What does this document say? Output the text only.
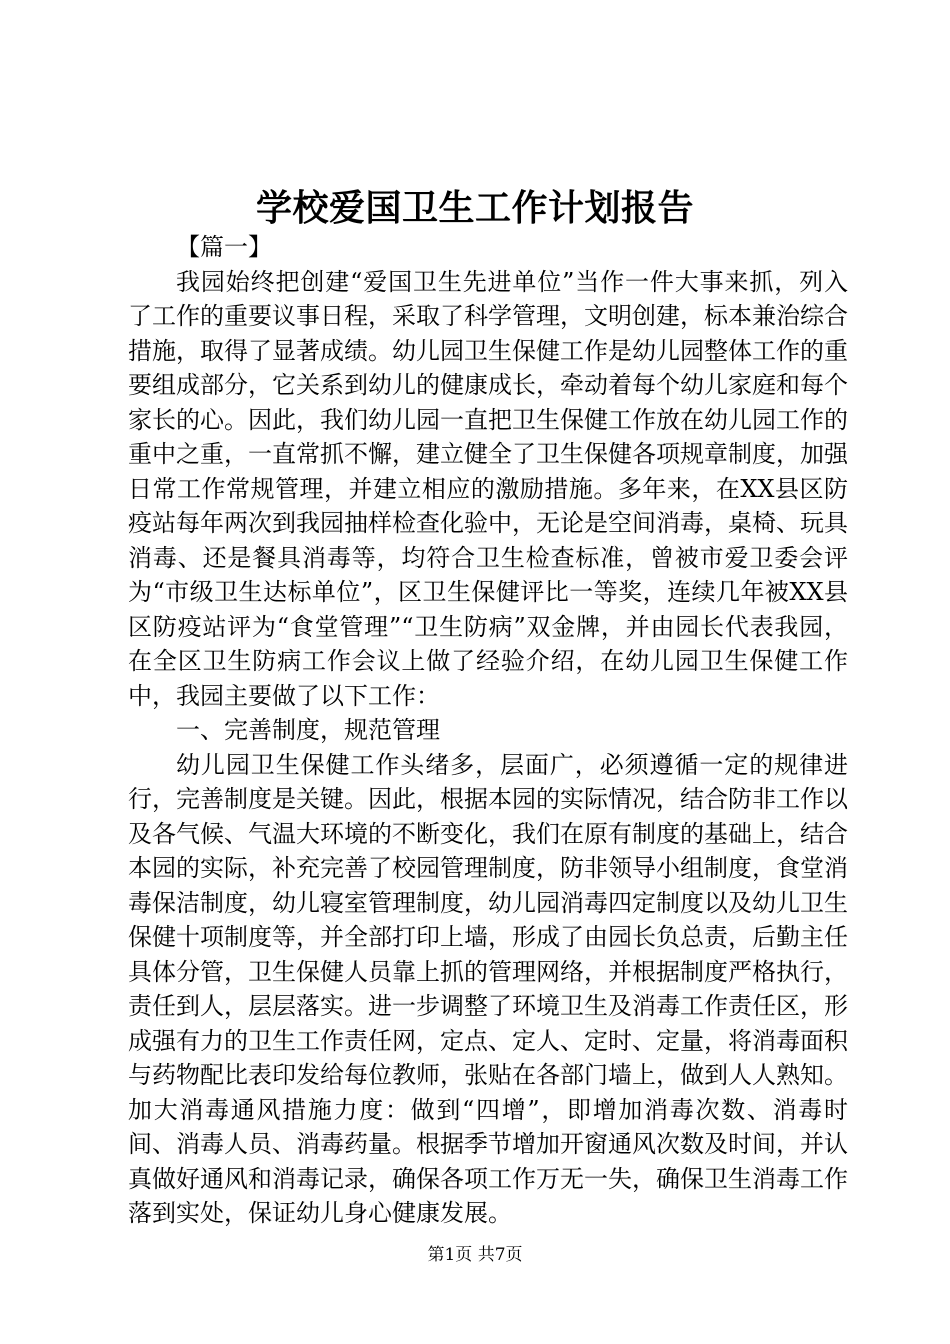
学校爱国卫生工作计划报告

【篇一】

我园始终把创建“爱国卫生先进单位”当作一件大事来抓，列入了工作的重要议事日程，采取了科学管理，文明创建，标本兼治综合措施，取得了显著成绩。幼儿园卫生保健工作是幼儿园整体工作的重要组成部分，它关系到幼儿的健康成长，牵动着每个幼儿家庭和每个家长的心。因此，我们幼儿园一直把卫生保健工作放在幼儿园工作的重中之重，一直常抓不懈，建立健全了卫生保健各项规章制度，加强日常工作常规管理，并建立相应的激励措施。多年来，在XX县区防疫站每年两次到我园抽样检查化验中，无论是空间消毒，桌椅、玩具消毒、还是餐具消毒等，均符合卫生检查标准，曾被市爱卫委会评为“市级卫生达标单位”，区卫生保健评比一等奖，连续几年被XX县区防疫站评为“食堂管理”“卫生防病”双金牌，并由园长代表我园，在全区卫生防病工作会议上做了经验介绍，在幼儿园卫生保健工作中，我园主要做了以下工作：

一、完善制度，规范管理

幼儿园卫生保健工作头绪多，层面广，必须遵循一定的规律进行，完善制度是关键。因此，根据本园的实际情况，结合防非工作以及各气候、气温大环境的不断变化，我们在原有制度的基础上，结合本园的实际，补充完善了校园管理制度，防非领导小组制度，食堂消毒保洁制度，幼儿寝室管理制度，幼儿园消毒四定制度以及幼儿卫生保健十项制度等，并全部打印上墙，形成了由园长负总责，后勤主任具体分管，卫生保健人员靠上抓的管理网络，并根据制度严格执行，责任到人，层层落实。进一步调整了环境卫生及消毒工作责任区，形成强有力的卫生工作责任网，定点、定人、定时、定量，将消毒面积与药物配比表印发给每位教师，张贴在各部门墙上，做到人人熟知。加大消毒通风措施力度：做到“四增”，即增加消毒次数、消毒时间、消毒人员、消毒药量。根据季节增加开窗通风次数及时间，并认真做好通风和消毒记录，确保各项工作万无一失，确保卫生消毒工作落到实处，保证幼儿身心健康发展。

第1页 共7页
